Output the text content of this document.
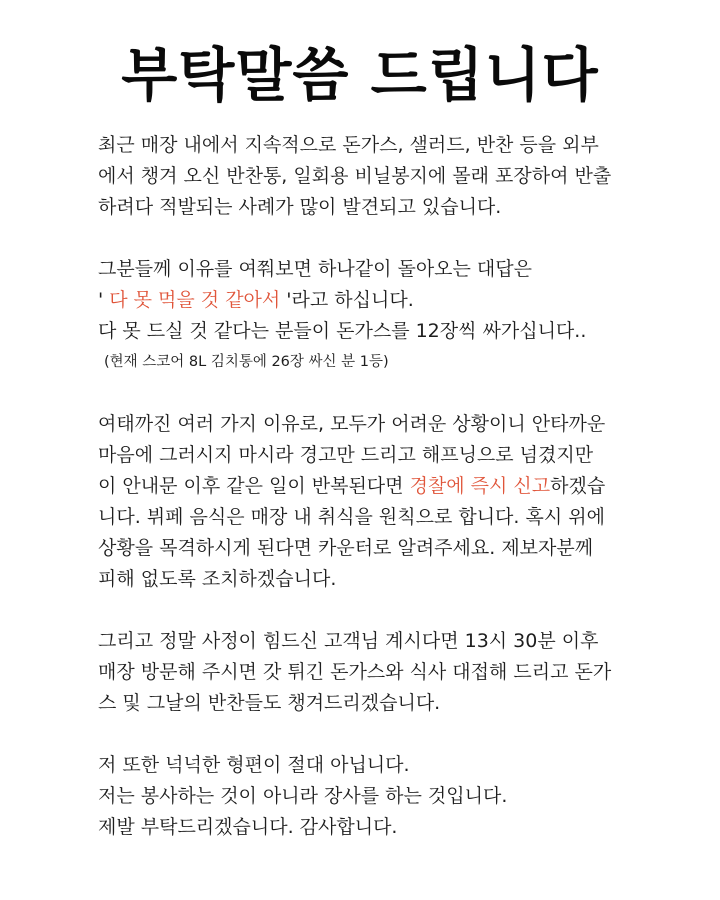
부탁말씀 드립니다
최근 매장 내에서 지속적으로 돈가스, 샐러드, 반찬 등을 외부
에서 챙겨 오신 반찬통, 일회용 비닐봉지에 몰래 포장하여 반출
하려다 적발되는 사례가 많이 발견되고 있습니다.
그분들께 이유를 여쭤보면 하나같이 돌아오는 대답은
' 다 못 먹을 것 같아서 '라고 하십니다.
다 못 드실 것 같다는 분들이 돈가스를 12장씩 싸가십니다..
(현재 스코어 8L 김치통에 26장 싸신 분 1등)
여태까진 여러 가지 이유로, 모두가 어려운 상황이니 안타까운
마음에 그러시지 마시라 경고만 드리고 해프닝으로 넘겼지만
이 안내문 이후 같은 일이 반복된다면 경찰에 즉시 신고하겠습
니다. 뷔페 음식은 매장 내 취식을 원칙으로 합니다. 혹시 위에
상황을 목격하시게 된다면 카운터로 알려주세요. 제보자분께
피해 없도록 조치하겠습니다.
그리고 정말 사정이 힘드신 고객님 계시다면 13시 30분 이후
매장 방문해 주시면 갓 튀긴 돈가스와 식사 대접해 드리고 돈가
스 및 그날의 반찬들도 챙겨드리겠습니다.
저 또한 넉넉한 형편이 절대 아닙니다.
저는 봉사하는 것이 아니라 장사를 하는 것입니다.
제발 부탁드리겠습니다. 감사합니다.
